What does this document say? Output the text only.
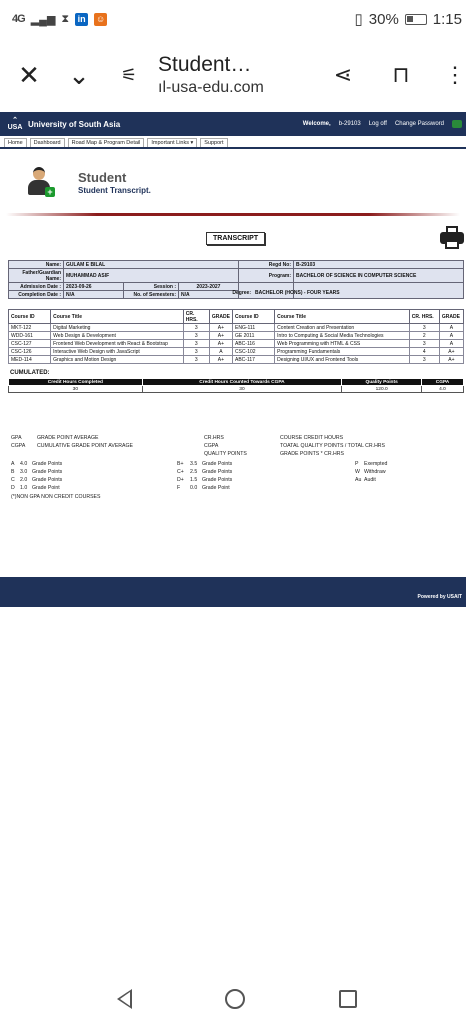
4G ▂▄▆ ⧗ in ☺	▯ 30% 1:15
✕	⌄	⚟ Student…
ıl-usa-edu.com
⋖	⊓	⋮
⌃
USA University of South Asia	Welcome, b-29103 Log off Change Password
Home	Dashboard	Road Map & Program Detail	Important Links ▾	Support
+
Student
Student Transcript.
TRANSCRIPT
Name:	GULAM E BILAL			Regd No:	B-29103
Father/Guardian Name:	MUHAMMAD ASIF			Program:	BACHELOR OF SCIENCE IN COMPUTER SCIENCE
Admission Date :	2023-09-26	Session :	2023-2027		
Completion Date :	N/A	No. of Semesters:	N/A			Degree: BACHELOR (HONS) - FOUR YEARS
Course ID	Course Title	CR. HRS.	GRADE	Course ID	Course Title	CR. HRS.	GRADE
MKT-122	Digital Marketing	3	A+	ENG-111	Content Creation and Presentation	3	A
WDD-161	Web Design & Development	3	A+	GE 2011	Intro to Computing & Social Media Technologies	2	A
CSC-127	Frontend Web Development with React & Bootstrap	3	A+	ABC-116	Web Programming with HTML & CSS	3	A
CSC-126	Interactive Web Design with JavaScript	3	A	CSC-102	Programming Fundamentals	4	A+
MED-114	Graphics and Motion Design	3	A+	ABC-117	Designing UI/UX and Frontend Tools	3	A+
CUMULATED:
Credit Hours Completed	Credit Hours Counted Towards CGPA	Quality Points	CGPA
30	30	120.0	4.0
GPA	GRADE POINT AVERAGE
CGPA CUMULATIVE GRADE POINT AVERAGE
CR.HRS	COURSE CREDIT HOURS
CGPA	TOATAL QUALITY POINTS / TOTAL CR.HRS
QUALITY POINTS	GRADE POINTS * CR.HRS
A 4.0 Grade Points
B 3.0 Grade Points
C 2.0 Grade Points
D 1.0 Grade Point
B+ 3.5 Grade Points
C+ 2.5 Grade Points
D+ 1.5 Grade Points
F 0.0 Grade Point
P Exempted
W Withdraw
Au Audit
(*)NON GPA NON CREDIT COURSES
Powered by USAIT
